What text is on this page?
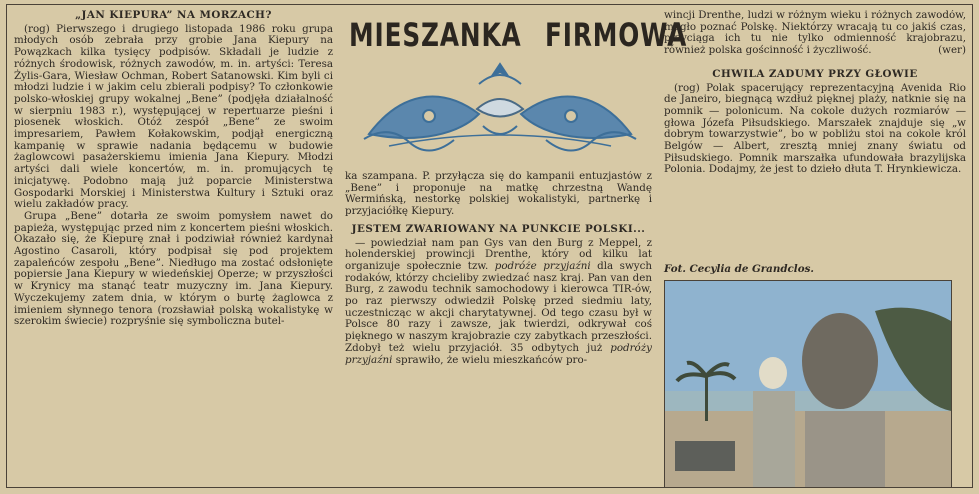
„JAN KIEPURA” NA MORZACH?

(rog) Pierwszego i drugiego listopada 1986 roku grupa młodych osób zebrała przy grobie Jana Kiepury na Powązkach kilka tysięcy podpisów. Składali je ludzie z różnych środowisk, różnych zawodów, m. in. artyści: Teresa Żylis-Gara, Wiesław Ochman, Robert Satanowski. Kim byli ci młodzi ludzie i w jakim celu zbierali podpisy? To członkowie polsko-włoskiej grupy wokalnej „Bene” (podjęła działalność w sierpniu 1983 r.), występującej w repertuarze pieśni i piosenek włoskich. Otóż zespół „Bene” ze swoim impresariem, Pawłem Kołakowskim, podjął energiczną kampanię w sprawie nadania będącemu w budowie żaglowcowi pasażerskiemu imienia Jana Kiepury. Młodzi artyści dali wiele koncertów, m. in. promujących tę inicjatywę. Podobno mają już poparcie Ministerstwa Gospodarki Morskiej i Ministerstwa Kultury i Sztuki oraz wielu zakładów pracy.

Grupa „Bene” dotarła ze swoim pomysłem nawet do papieża, występując przed nim z koncertem pieśni włoskich. Okazało się, że Kiepurę znał i podziwiał również kardynał Agostino Casaroli, który podpisał się pod projektem zapaleńców zespołu „Bene”. Niedługo ma zostać odsłonięte popiersie Jana Kiepury w wiedeńskiej Operze; w przyszłości w Krynicy ma stanąć teatr muzyczny im. Jana Kiepury. Wyczekujemy zatem dnia, w którym o burtę żaglowca z imieniem słynnego tenora (rozsławiał polską wokalistykę w szerokim świecie) rozpryśnie się symboliczna butel-

MIESZANKA FIRMOWA

ka szampana. P. przyłącza się do kampanii entuzjastów z „Bene” i proponuje na matkę chrzestną Wandę Wermińską, nestorkę polskiej wokalistyki, partnerkę i przyjaciółkę Kiepury.

JESTEM ZWARIOWANY NA PUNKCIE POLSKI...

— powiedział nam pan Gys van den Burg z Meppel, z holenderskiej prowincji Drenthe, który od kilku lat organizuje społecznie tzw. podróże przyjaźni dla swych rodaków, którzy chcieliby zwiedzać nasz kraj. Pan van den Burg, z zawodu technik samochodowy i kierowca TIR-ów, po raz pierwszy odwiedził Polskę przed siedmiu laty, uczestnicząc w akcji charytatywnej. Od tego czasu był w Polsce 80 razy i zawsze, jak twierdzi, odkrywał coś pięknego w naszym krajobrazie czy zabytkach przeszłości. Zdobył też wielu przyjaciół. 35 odbytych już podróży przyjaźni sprawiło, że wielu mieszkańców pro-

wincji Drenthe, ludzi w różnym wieku i różnych zawodów, mogło poznać Polskę. Niektórzy wracają tu co jakiś czas, przyciąga ich tu nie tylko odmienność krajobrazu, również polska gościnność i życzliwość.	(wer)

CHWILA ZADUMY PRZY GŁOWIE

(rog) Polak spacerujący reprezentacyjną Avenida Rio de Janeiro, biegnącą wzdłuż pięknej plaży, natknie się na pomnik — polonicum. Na cokole dużych rozmiarów — głowa Józefa Piłsudskiego. Marszałek znajduje się „w dobrym towarzystwie”, bo w pobliżu stoi na cokole król Belgów — Albert, zresztą mniej znany światu od Piłsudskiego. Pomnik marszałka ufundowała brazylijska Polonia. Dodajmy, że jest to dzieło dłuta T. Hrynkiewicza.

Fot. Cecylia de Grandclos.
